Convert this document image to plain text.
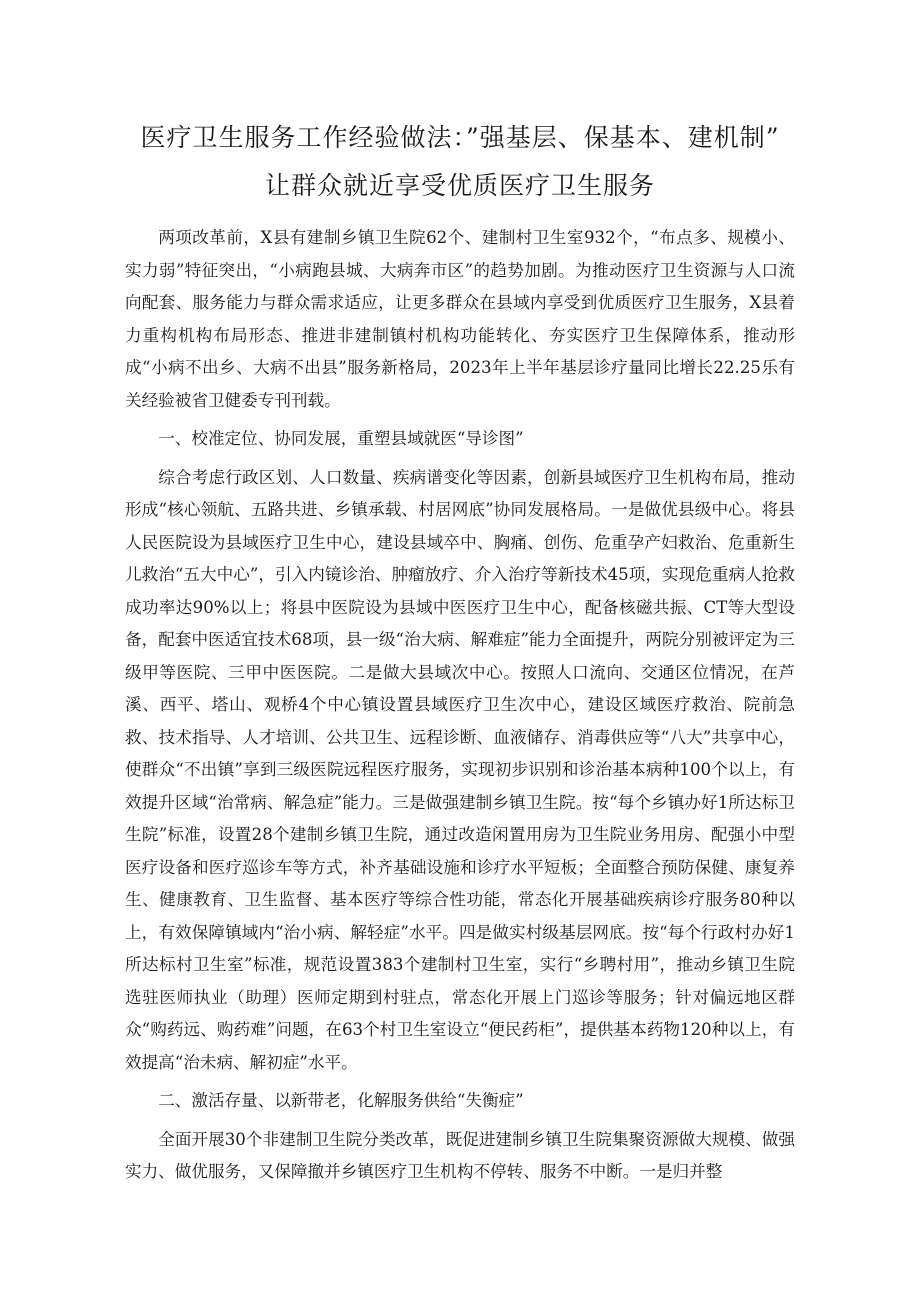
医疗卫生服务工作经验做法：”强基层、保基本、建机制”
让群众就近享受优质医疗卫生服务

两项改革前，X县有建制乡镇卫生院62个、建制村卫生室932个，“布点多、规模小、实力弱”特征突出，“小病跑县城、大病奔市区”的趋势加剧。为推动医疗卫生资源与人口流向配套、服务能力与群众需求适应，让更多群众在县域内享受到优质医疗卫生服务，X县着力重构机构布局形态、推进非建制镇村机构功能转化、夯实医疗卫生保障体系，推动形成“小病不出乡、大病不出县”服务新格局，2023年上半年基层诊疗量同比增长22.25乐有关经验被省卫健委专刊刊载。

一、校准定位、协同发展，重塑县域就医“导诊图”

综合考虑行政区划、人口数量、疾病谱变化等因素，创新县域医疗卫生机构布局，推动形成“核心领航、五路共进、乡镇承载、村居网底”协同发展格局。一是做优县级中心。将县人民医院设为县域医疗卫生中心，建设县域卒中、胸痛、创伤、危重孕产妇救治、危重新生儿救治“五大中心”，引入内镜诊治、肿瘤放疗、介入治疗等新技术45项，实现危重病人抢救成功率达90%以上；将县中医院设为县域中医医疗卫生中心，配备核磁共振、CT等大型设备，配套中医适宜技术68项，县一级“治大病、解难症”能力全面提升，两院分别被评定为三级甲等医院、三甲中医医院。二是做大县域次中心。按照人口流向、交通区位情况，在芦溪、西平、塔山、观桥4个中心镇设置县域医疗卫生次中心，建设区域医疗救治、院前急救、技术指导、人才培训、公共卫生、远程诊断、血液储存、消毒供应等“八大”共享中心，使群众“不出镇”享到三级医院远程医疗服务，实现初步识别和诊治基本病种100个以上，有效提升区域“治常病、解急症”能力。三是做强建制乡镇卫生院。按“每个乡镇办好1所达标卫生院”标准，设置28个建制乡镇卫生院，通过改造闲置用房为卫生院业务用房、配强小中型医疗设备和医疗巡诊车等方式，补齐基础设施和诊疗水平短板；全面整合预防保健、康复养生、健康教育、卫生监督、基本医疗等综合性功能，常态化开展基础疾病诊疗服务80种以上，有效保障镇域内“治小病、解轻症”水平。四是做实村级基层网底。按“每个行政村办好1所达标村卫生室”标准，规范设置383个建制村卫生室，实行“乡聘村用”，推动乡镇卫生院选驻医师执业（助理）医师定期到村驻点，常态化开展上门巡诊等服务；针对偏远地区群众“购药远、购药难”问题，在63个村卫生室设立“便民药柜”，提供基本药物120种以上，有效提高“治未病、解初症”水平。

二、激活存量、以新带老，化解服务供给“失衡症”

全面开展30个非建制卫生院分类改革，既促进建制乡镇卫生院集聚资源做大规模、做强实力、做优服务，又保障撤并乡镇医疗卫生机构不停转、服务不中断。一是归并整
